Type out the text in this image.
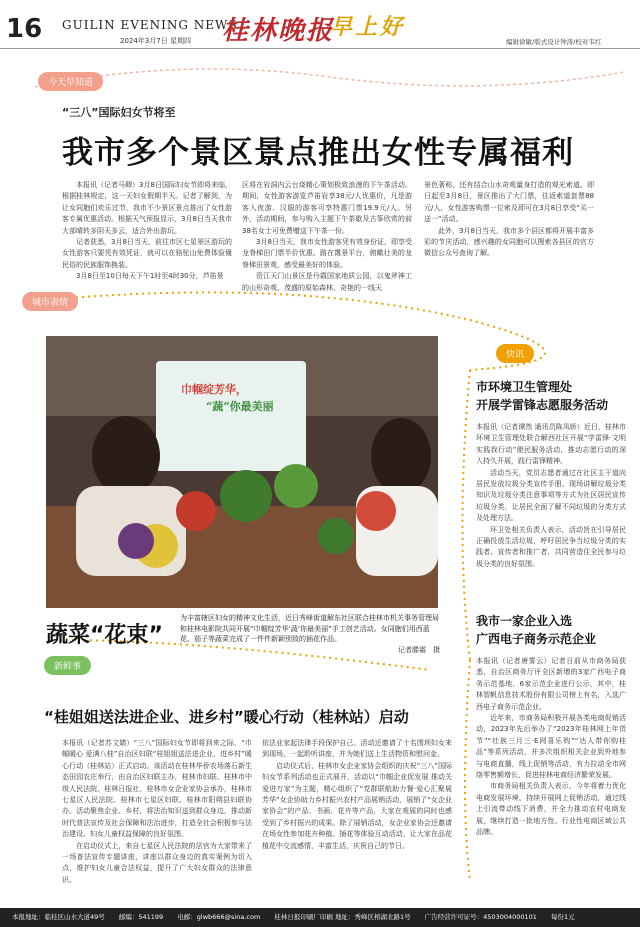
16 GUILIN EVENING NEWS
2024年3月7日 星期四 桂林晚报
早上好
编辑徐敏/版式设计钟涛/校对韦红
今天早知道
“三八”国际妇女节将至
我市多个景区景点推出女性专属福利

本报讯（记者马卿）3月8日国际妇女节即将来临，根据桂林规定，这一天妇女假期半天。记者了解到，为让女同胞们欢乐过节，我市不少景区景点推出了女性游客专属优惠活动。根据天气预报显示，3月8日当天我市大部晴转多阴天多云，适合外出游玩。

记者获悉，3月8日当天，前往市区七星景区游玩的女性游客只要凭有效凭证，就可以在骆驼山免费体验僮民俗的民族服饰换装。

3月8日至10日每天下午1时至4时30分，芦笛景

区将在岩洞内云台烧精心策划极致浪漫的下午茶活动。期间，女性游客游览芦笛岩享38元/人优惠价，凡是游客入夜游、汉服的游客可享特惠门票19.9元/人。另外，活动期间，参与购入主题下午茶歇及古筝欣赏的前38名女士可免费赠送下午茶一份。

3月8日当天，我市女性游客凭有效身份证，即享受龙脊梯田门票半价优惠。路在霭景平台，俯瞰壮美的龙脊梯田景观，感受最美好的体验。

资江天门山景区是丹霞国家地质公园，以鬼斧神工的山形奇观、茂盛的原始森林、奇艳的一线天

景色著称，还有结合山水奇观量身打造的观光索道。即日起至3月8日，景区推出了大门票，往返索道套票88元/人，女性游客购票一位索及即可在3月8日享受“买一送一”活动。

此外，3月8日当天，我市多个县区都将开展丰富多彩的节庆活动，感兴趣的女同胞可以搜索各县区的官方微信公众号查询了解。

城市表情
巾帼绽芳华，
“蔬”你最美丽
蔬菜“花束”
为丰富辖区妇女的精神文化生活，近日秀峰街道解东社区联合桂林市机关事务管理局和桂林电影院共同开展“巾帼绽芳华‘蔬’你最美丽”手工创艺活动。女同胞们用西蓝花、茄子等蔬菜完成了一件件新颖别致的插花作品。
记者滕霜　摄
快讯
市环境卫生管理处
开展学雷锋志愿服务活动

本报讯（记者谭然 通讯员陈凤娇）近日，桂林市环境卫生管理处联合解西社区开展“学雷锋·文明实践我行动”便民服务活动，推动志愿行动的深入持久开展，践行雷锋精神。

活动当天，党员志愿者通过在社区主干道向居民发放垃圾分类宣传手册、现场讲解垃圾分类知识及垃圾分类注意事项等方式为社区居民宣传垃圾分类，让居民全面了解不同垃圾的分类方式及处理方法。

环卫处相关负责人表示，活动旨在引导居民正确投放生活垃圾，呼吁居民争当垃圾分类的实践者、宣传者和推广者，共同营造住全民参与垃圾分类的良好氛围。

我市一家企业入选
广西电子商务示范企业

本报讯（记者唐雾云）记者日前从市商务局获悉，自治区商务厅评全区新增的3家广西电子商务示范基地、6家示范企业进行公示，其中，桂林智帆信息技术股份有限公司榜上有名，入选广西电子商务示范企业。

近年来，市商务局积极开展各类电商促销活动，2023年先后举办了“2023年桂林网上年货节”“壮族三月三·E网喜乐购”“达人带你购桂品”等系列活动，并多次组织相关企业到外地参与电商直播，线上促销等活动，有力拉动全市网络零售额增长，促进桂林电商经济繁荣发展。

市商务局相关负责人表示，今年将着力优化电商发展环境，持续开展网上促销活动，通过线上引流带动线下消费，并全力推动农村电商发展，继续打造一批地方性、行业性电商区域公共品牌。

新鲜事
“桂姐姐送法进企业、进乡村”暖心行动（桂林站）启动

本报讯（记者苏文婧）“三八”国际妇女节即将到来之际，“巾帼暖心 爱满八桂”自治区妇联“桂姐姐送法进企业、进乡村”暖心行动（桂林站）正式启动。该活动在桂林华侨农场落石新生态田园农庄举行，由自治区妇联主办，桂林市妇联、桂林市中级人民法院、桂林日报社、桂林市女企业家协会承办，桂林市七星区人民法院、桂林市七星区妇联、桂林市阳朔县妇联协办。活动聚焦企业、乡村，将法治知识送到群众身边，推动新时代普法宣传及社会保障和法治进步，打造全社会积极参与法治建设、妇女儿童权益保障的良好氛围。

在启动仪式上，来自七星区人民法院的法官为大家带来了一场普法宣传专题讲座，讲座以群众身边的真实案例为切入点，维护妇女儿童合法权益，提升了广大妇女群众的法律意识。

依法业家起法律手段保护自己。活动还邀请了十名围坝妇女来到现场，一起聆听讲座，并为她们送上生活物资和慰问金。

启动仪式后，桂林市女企业家协会组织的庆祝“三八”国际妇女节系列活动也正式展开，活动以“巾帼企业促发展 推动关爱进万家”为主题，精心组织了“党群联航助力餐·爱心汇聚展芳华”女企协助力乡村振兴农村产品展销活动，展销了“女企业家协会”的产品、书画、花卉等产品，大家在观展的同时也感受到了乡村振兴的成果。除了展销活动，女企业家协会还邀请在场女性参加花卉种植、插花等体验互动活动，让大家在品花植花中交流感情，丰富生活，庆祝自己的节日。

本报地址：临桂区山水大道49号 邮编：541199 电邮：glwb666@sina.com 桂林日报印刷厂印刷 地址：秀峰区榕湖北路1号 广告经营许可证号：4503004000101 每份1元
